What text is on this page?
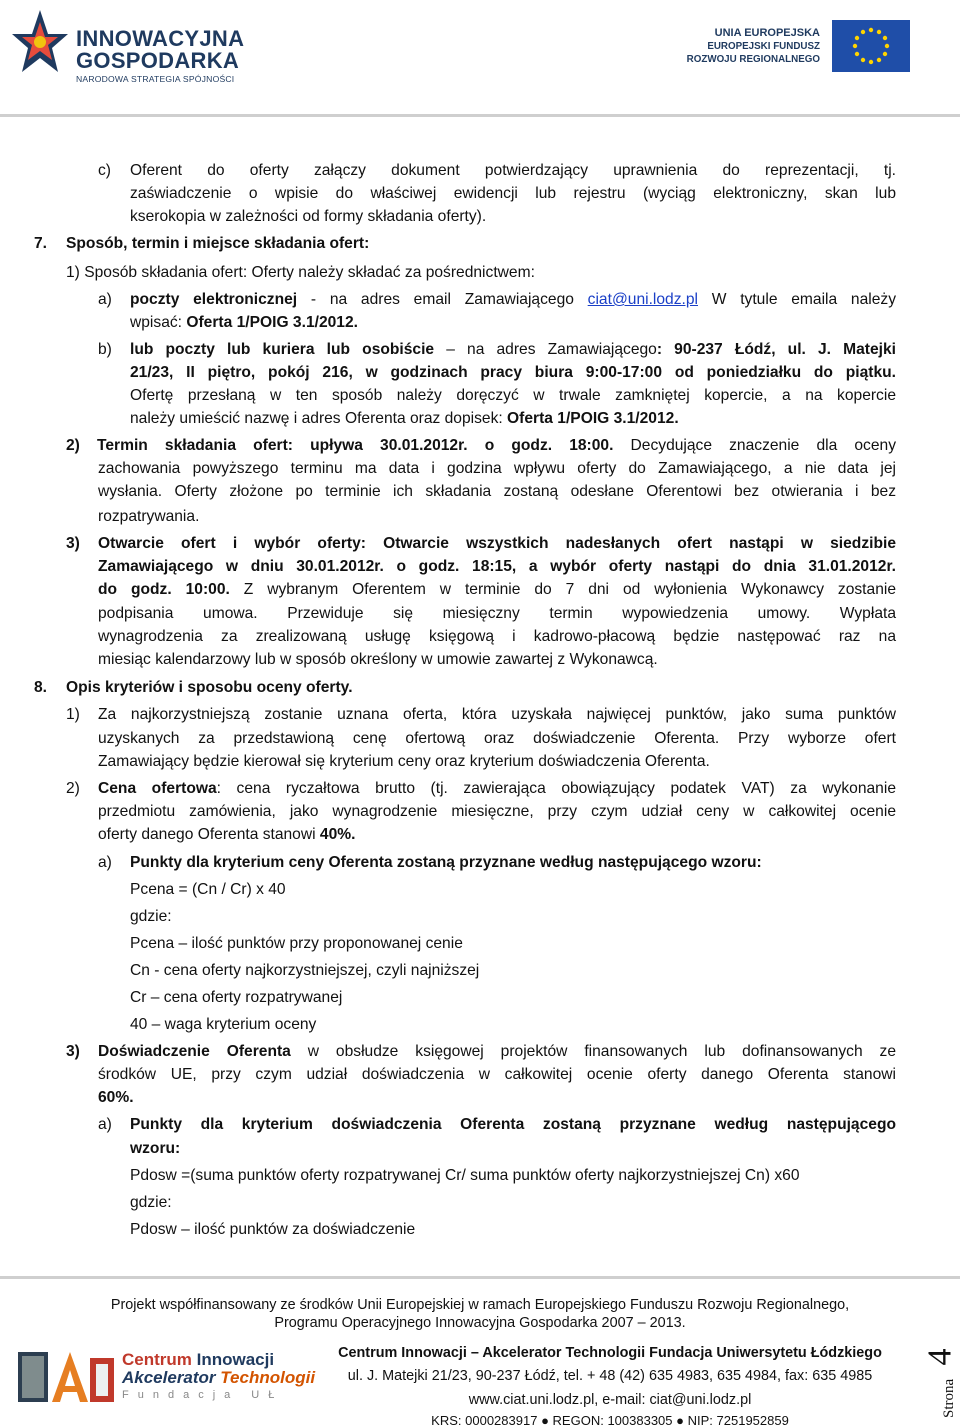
INNOWACYJNA
GOSPODARKA
NARODOWA STRATEGIA SPÓJNOŚCI
UNIA EUROPEJSKA
EUROPEJSKI FUNDUSZ
ROZWOJU REGIONALNEGO
c) Oferent do oferty załączy dokument potwierdzający uprawnienia do reprezentacji, tj.
zaświadczenie o wpisie do właściwej ewidencji lub rejestru (wyciąg elektroniczny, skan lub
kserokopia w zależności od formy składania oferty).
7. Sposób, termin i miejsce składania ofert:
1) Sposób składania ofert: Oferty należy składać za pośrednictwem:
a) poczty elektronicznej - na adres email Zamawiającego ciat@uni.lodz.pl W tytule emaila należy
wpisać: Oferta 1/POIG 3.1/2012.
b) lub poczty lub kuriera lub osobiście – na adres Zamawiającego: 90-237 Łódź, ul. J. Matejki
21/23, II piętro, pokój 216, w godzinach pracy biura 9:00-17:00 od poniedziałku do piątku.
Ofertę przesłaną w ten sposób należy doręczyć w trwale zamkniętej kopercie, a na kopercie
należy umieścić nazwę i adres Oferenta oraz dopisek: Oferta 1/POIG 3.1/2012.
2) Termin składania ofert: upływa 30.01.2012r. o godz. 18:00. Decydujące znaczenie dla oceny
zachowania powyższego terminu ma data i godzina wpływu oferty do Zamawiającego, a nie data jej
wysłania. Oferty złożone po terminie ich składania zostaną odesłane Oferentowi bez otwierania i bez
rozpatrywania.
3) Otwarcie ofert i wybór oferty: Otwarcie wszystkich nadesłanych ofert nastąpi w siedzibie
Zamawiającego w dniu 30.01.2012r. o godz. 18:15, a wybór oferty nastąpi do dnia 31.01.2012r.
do godz. 10:00. Z wybranym Oferentem w terminie do 7 dni od wyłonienia Wykonawcy zostanie
podpisania umowa. Przewiduje się miesięczny termin wypowiedzenia umowy. Wypłata
wynagrodzenia za zrealizowaną usługę księgową i kadrowo-płacową będzie następować raz na
miesiąc kalendarzowy lub w sposób określony w umowie zawartej z Wykonawcą.
8. Opis kryteriów i sposobu oceny oferty.
1) Za najkorzystniejszą zostanie uznana oferta, która uzyskała najwięcej punktów, jako suma punktów
uzyskanych za przedstawioną cenę ofertową oraz doświadczenie Oferenta. Przy wyborze ofert
Zamawiający będzie kierował się kryterium ceny oraz kryterium doświadczenia Oferenta.
2) Cena ofertowa: cena ryczałtowa brutto (tj. zawierająca obowiązujący podatek VAT) za wykonanie
przedmiotu zamówienia, jako wynagrodzenie miesięczne, przy czym udział ceny w całkowitej ocenie
oferty danego Oferenta stanowi 40%.
a) Punkty dla kryterium ceny Oferenta zostaną przyznane według następującego wzoru:
Pcena = (Cn / Cr) x 40
gdzie:
Pcena – ilość punktów przy proponowanej cenie
Cn - cena oferty najkorzystniejszej, czyli najniższej
Cr – cena oferty rozpatrywanej
40 – waga kryterium oceny
3) Doświadczenie Oferenta w obsłudze księgowej projektów finansowanych lub dofinansowanych ze
środków UE, przy czym udział doświadczenia w całkowitej ocenie oferty danego Oferenta stanowi
60%.
a) Punkty dla kryterium doświadczenia Oferenta zostaną przyznane według następującego
wzoru:
Pdosw =(suma punktów oferty rozpatrywanej Cr/ suma punktów oferty najkorzystniejszej Cn) x60
gdzie:
Pdosw – ilość punktów za doświadczenie
Projekt współfinansowany ze środków Unii Europejskiej w ramach Europejskiego Funduszu Rozwoju Regionalnego,
Programu Operacyjnego Innowacyjna Gospodarka 2007 – 2013.
Centrum Innowacji
Akcelerator Technologii
Fundacja UŁ
Centrum Innowacji – Akcelerator Technologii Fundacja Uniwersytetu Łódzkiego
ul. J. Matejki 21/23, 90-237 Łódź, tel. + 48 (42) 635 4983, 635 4984, fax: 635 4985
www.ciat.uni.lodz.pl, e-mail: ciat@uni.lodz.pl
KRS: 0000283917 ● REGON: 100383305 ● NIP: 7251952859
Strona
4
